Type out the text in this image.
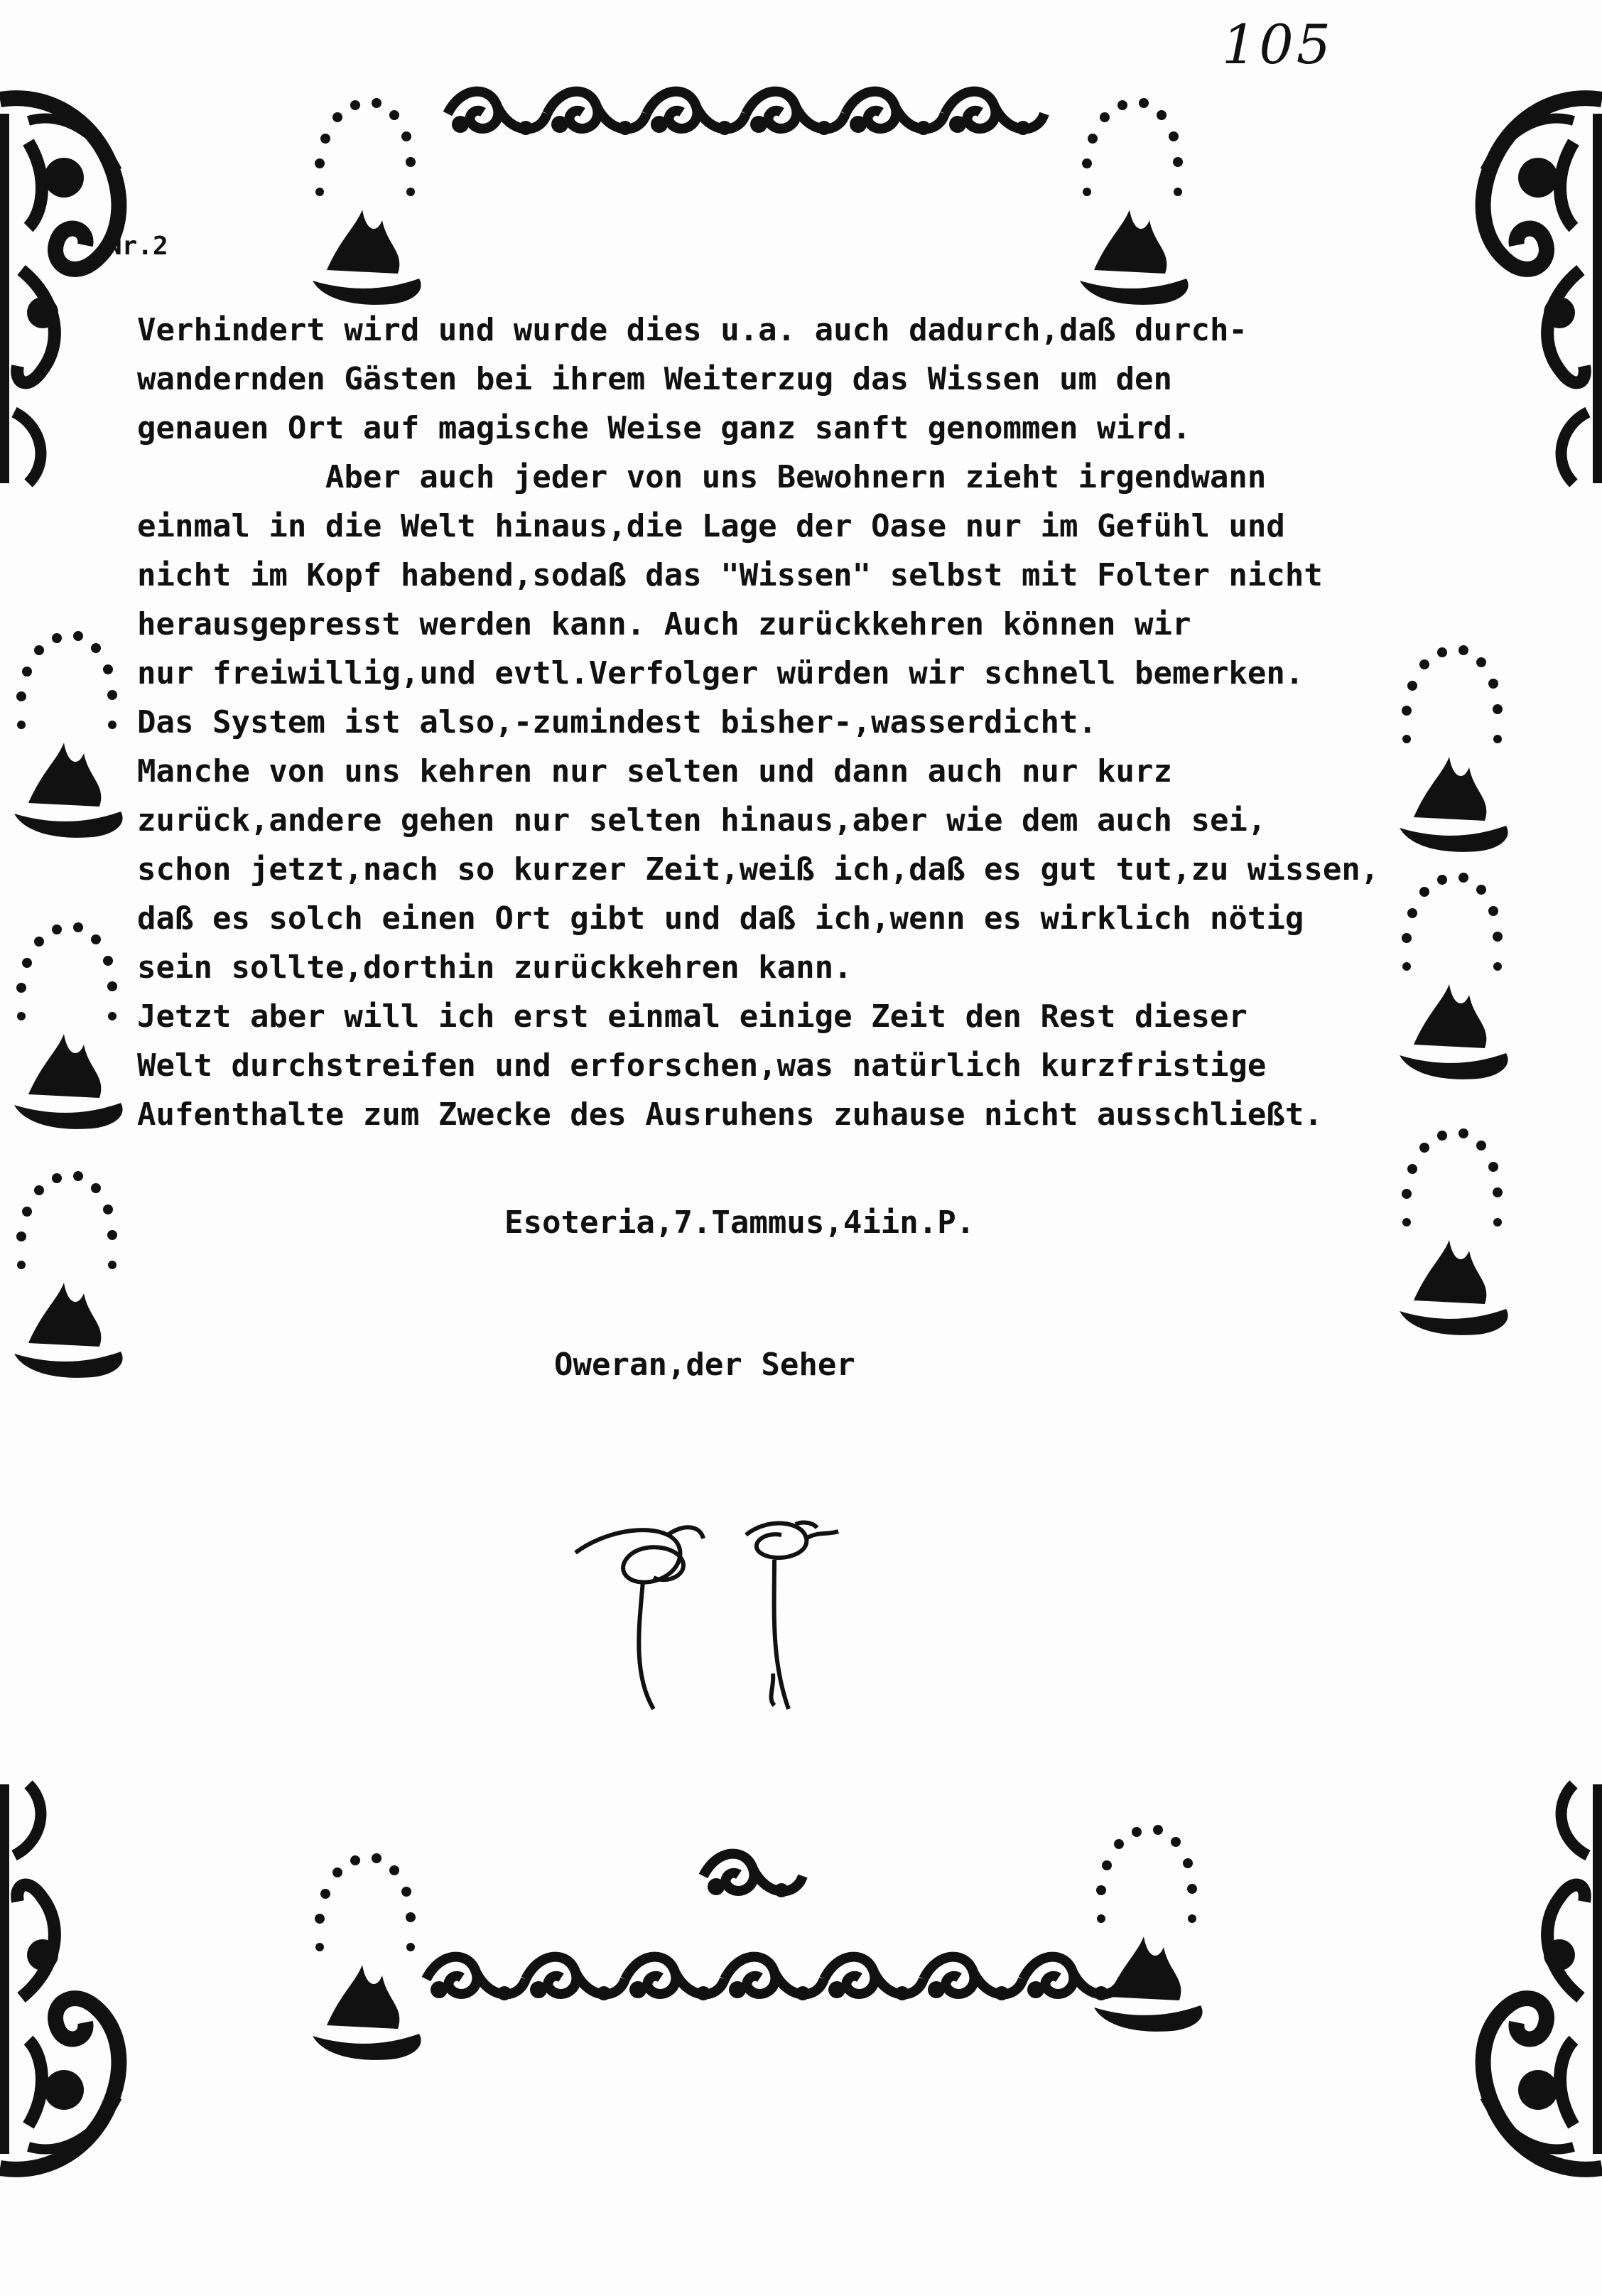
105
Nr.2

Verhindert wird und wurde dies u.a. auch dadurch,daß durch-

wandernden Gästen bei ihrem Weiterzug das Wissen um den

genauen Ort auf magische Weise ganz sanft genommen wird.

Aber auch jeder von uns Bewohnern zieht irgendwann

einmal in die Welt hinaus,die Lage der Oase nur im Gefühl und

nicht im Kopf habend,sodaß das "Wissen" selbst mit Folter nicht

herausgepresst werden kann. Auch zurückkehren können wir

nur freiwillig,und evtl.Verfolger würden wir schnell bemerken.

Das System ist also,-zumindest bisher-,wasserdicht.

Manche von uns kehren nur selten und dann auch nur kurz

zurück,andere gehen nur selten hinaus,aber wie dem auch sei,

schon jetzt,nach so kurzer Zeit,weiß ich,daß es gut tut,zu wissen,

daß es solch einen Ort gibt und daß ich,wenn es wirklich nötig

sein sollte,dorthin zurückkehren kann.

Jetzt aber will ich erst einmal einige Zeit den Rest dieser

Welt durchstreifen und erforschen,was natürlich kurzfristige

Aufenthalte zum Zwecke des Ausruhens zuhause nicht ausschließt.

Esoteria,7.Tammus,4iin.P.
Oweran,der Seher
